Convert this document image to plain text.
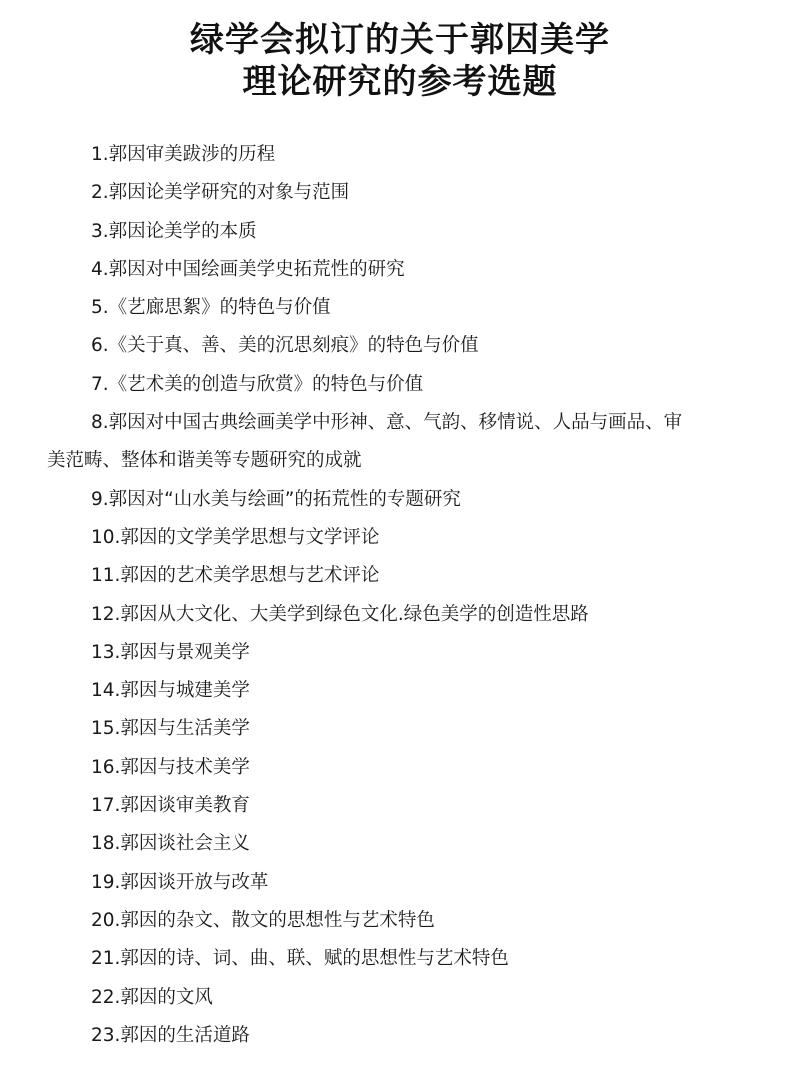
绿学会拟订的关于郭因美学
理论研究的参考选题
1.郭因审美跋涉的历程
2.郭因论美学研究的对象与范围
3.郭因论美学的本质
4.郭因对中国绘画美学史拓荒性的研究
5.《艺廊思絮》的特色与价值
6.《关于真、善、美的沉思刻痕》的特色与价值
7.《艺术美的创造与欣赏》的特色与价值
8.郭因对中国古典绘画美学中形神、意、气韵、移情说、人品与画品、审
美范畴、整体和谐美等专题研究的成就
9.郭因对“山水美与绘画”的拓荒性的专题研究
10.郭因的文学美学思想与文学评论
11.郭因的艺术美学思想与艺术评论
12.郭因从大文化、大美学到绿色文化.绿色美学的创造性思路
13.郭因与景观美学
14.郭因与城建美学
15.郭因与生活美学
16.郭因与技术美学
17.郭因谈审美教育
18.郭因谈社会主义
19.郭因谈开放与改革
20.郭因的杂文、散文的思想性与艺术特色
21.郭因的诗、词、曲、联、赋的思想性与艺术特色
22.郭因的文风
23.郭因的生活道路
